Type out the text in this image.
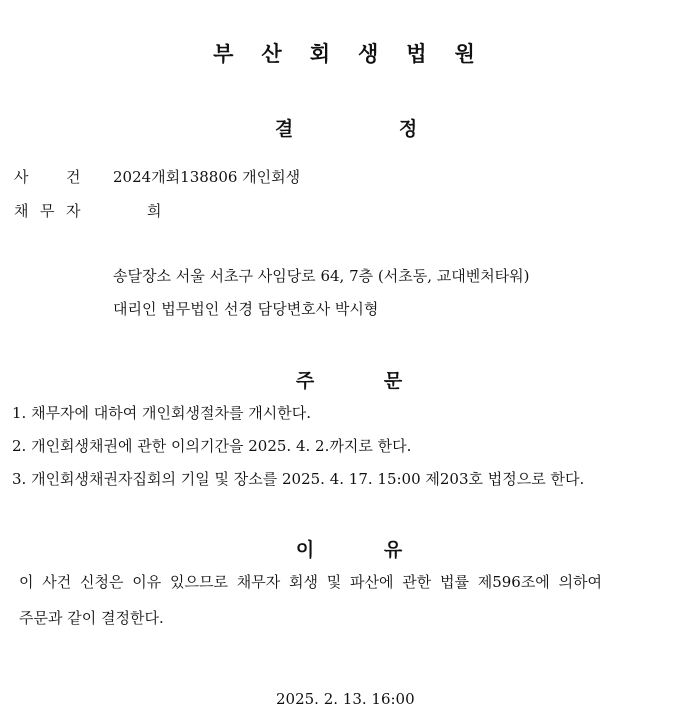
부 산 회 생 법 원
결	정
사	건 2024개회138806 개인회생
채 무 자	희
송달장소 서울 서초구 사임당로 64, 7층 (서초동, 교대벤처타워)
대리인 법무법인 선경 담당변호사 박시형
주	문
1. 채무자에 대하여 개인회생절차를 개시한다.
2. 개인회생채권에 관한 이의기간을 2025. 4. 2.까지로 한다.
3. 개인회생채권자집회의 기일 및 장소를 2025. 4. 17. 15:00 제203호 법정으로 한다.
이	유
이 사건 신청은 이유 있으므로 채무자 회생 및 파산에 관한 법률 제596조에 의하여
주문과 같이 결정한다.
2025. 2. 13. 16:00
